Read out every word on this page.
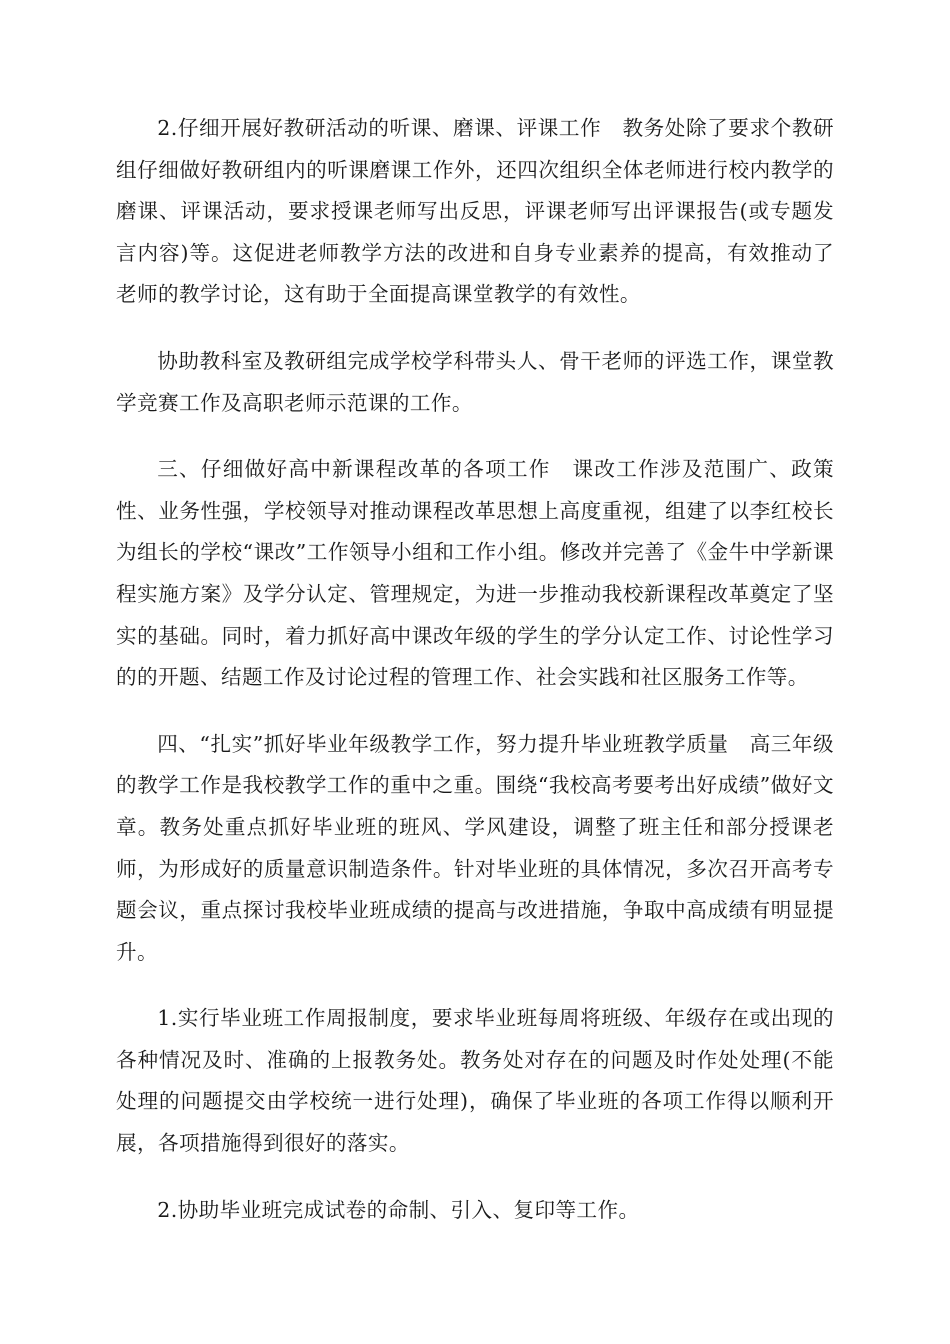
2.仔细开展好教研活动的听课、磨课、评课工作　教务处除了要求个教研组仔细做好教研组内的听课磨课工作外，还四次组织全体老师进行校内教学的磨课、评课活动，要求授课老师写出反思，评课老师写出评课报告(或专题发言内容)等。这促进老师教学方法的改进和自身专业素养的提高，有效推动了老师的教学讨论，这有助于全面提高课堂教学的有效性。

协助教科室及教研组完成学校学科带头人、骨干老师的评选工作，课堂教学竞赛工作及高职老师示范课的工作。

三、仔细做好高中新课程改革的各项工作　课改工作涉及范围广、政策性、业务性强，学校领导对推动课程改革思想上高度重视，组建了以李红校长为组长的学校“课改”工作领导小组和工作小组。修改并完善了《金牛中学新课程实施方案》及学分认定、管理规定，为进一步推动我校新课程改革奠定了坚实的基础。同时，着力抓好高中课改年级的学生的学分认定工作、讨论性学习的的开题、结题工作及讨论过程的管理工作、社会实践和社区服务工作等。

四、“扎实”抓好毕业年级教学工作，努力提升毕业班教学质量　高三年级的教学工作是我校教学工作的重中之重。围绕“我校高考要考出好成绩”做好文章。教务处重点抓好毕业班的班风、学风建设，调整了班主任和部分授课老师，为形成好的质量意识制造条件。针对毕业班的具体情况，多次召开高考专题会议，重点探讨我校毕业班成绩的提高与改进措施，争取中高成绩有明显提升。

1.实行毕业班工作周报制度，要求毕业班每周将班级、年级存在或出现的各种情况及时、准确的上报教务处。教务处对存在的问题及时作处处理(不能处理的问题提交由学校统一进行处理)，确保了毕业班的各项工作得以顺利开展，各项措施得到很好的落实。

2.协助毕业班完成试卷的命制、引入、复印等工作。
